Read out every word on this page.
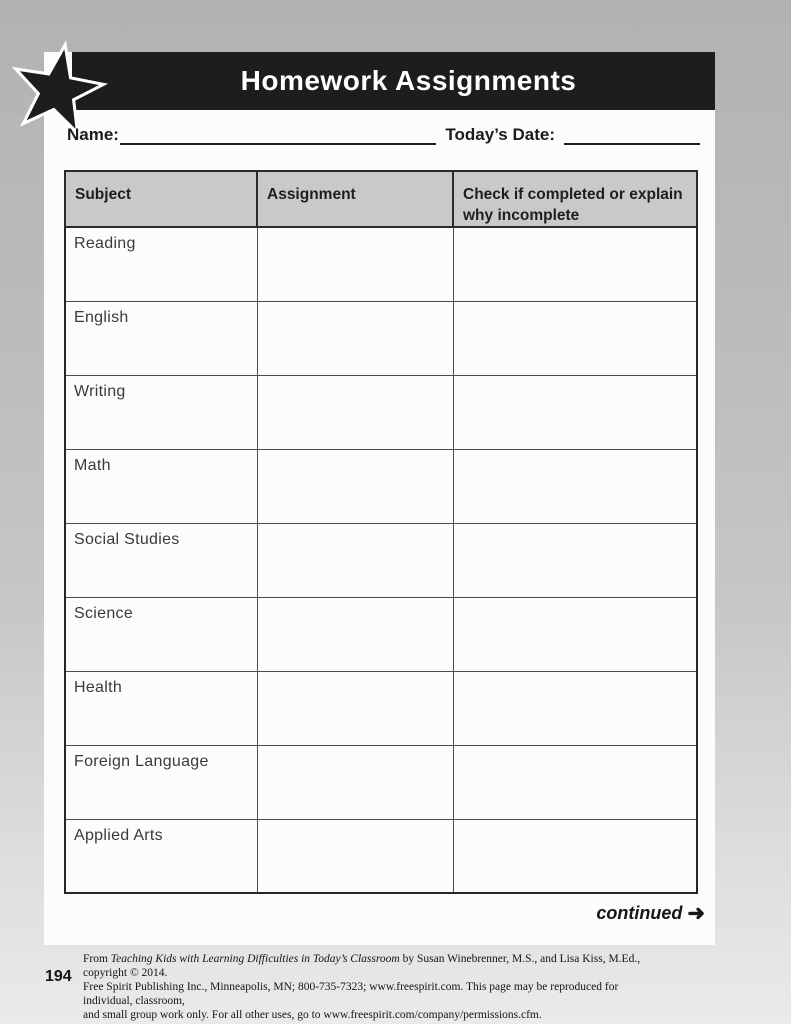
Homework Assignments
Name:	Today’s Date:
Subject	Assignment	Check if completed or explain why incomplete
Reading		
English		
Writing		
Math		
Social Studies		
Science		
Health		
Foreign Language		
Applied Arts		
continued ➜
From Teaching Kids with Learning Difficulties in Today’s Classroom by Susan Winebrenner, M.S., and Lisa Kiss, M.Ed., copyright © 2014.
Free Spirit Publishing Inc., Minneapolis, MN; 800-735-7323; www.freespirit.com. This page may be reproduced for individual, classroom,
and small group work only. For all other uses, go to www.freespirit.com/company/permissions.cfm.
194
